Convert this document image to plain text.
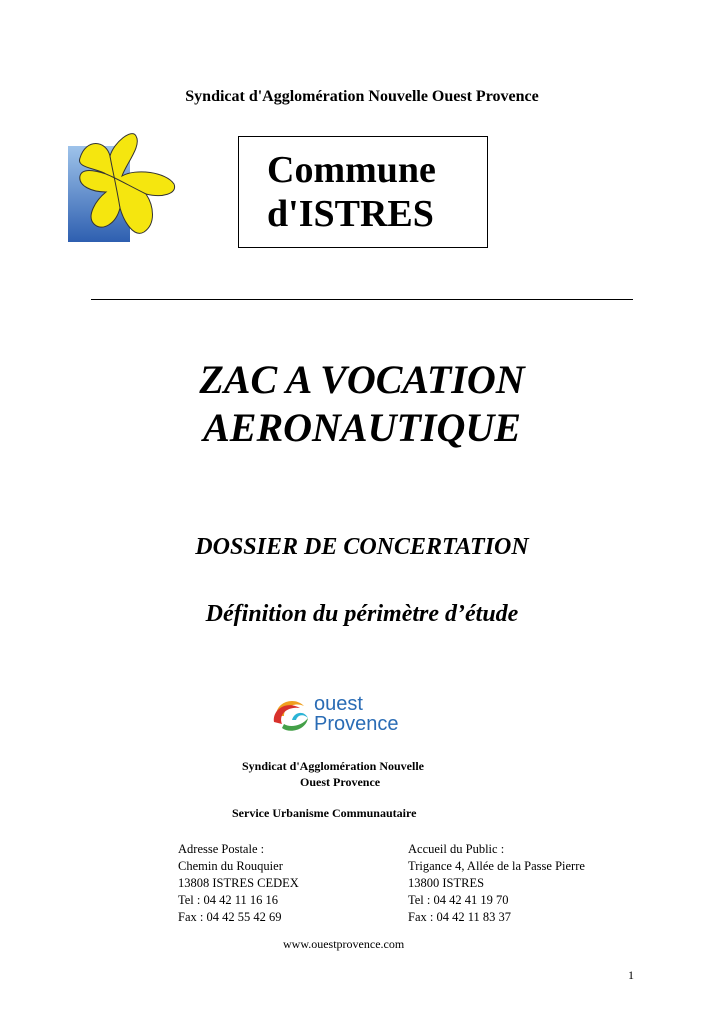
Syndicat d'Agglomération Nouvelle Ouest Provence
Commune
d'ISTRES
ZAC A VOCATION
AERONAUTIQUE
DOSSIER DE CONCERTATION
Définition du périmètre d’étude
ouest
Provence
Syndicat d'Agglomération Nouvelle
Ouest Provence
Service Urbanisme Communautaire
Adresse Postale :
Chemin du Rouquier
13808 ISTRES CEDEX
Tel : 04 42 11 16 16
Fax : 04 42 55 42 69
Accueil du Public :
Trigance 4, Allée de la Passe Pierre
13800 ISTRES
Tel : 04 42 41 19 70
Fax : 04 42 11 83 37
www.ouestprovence.com
1
